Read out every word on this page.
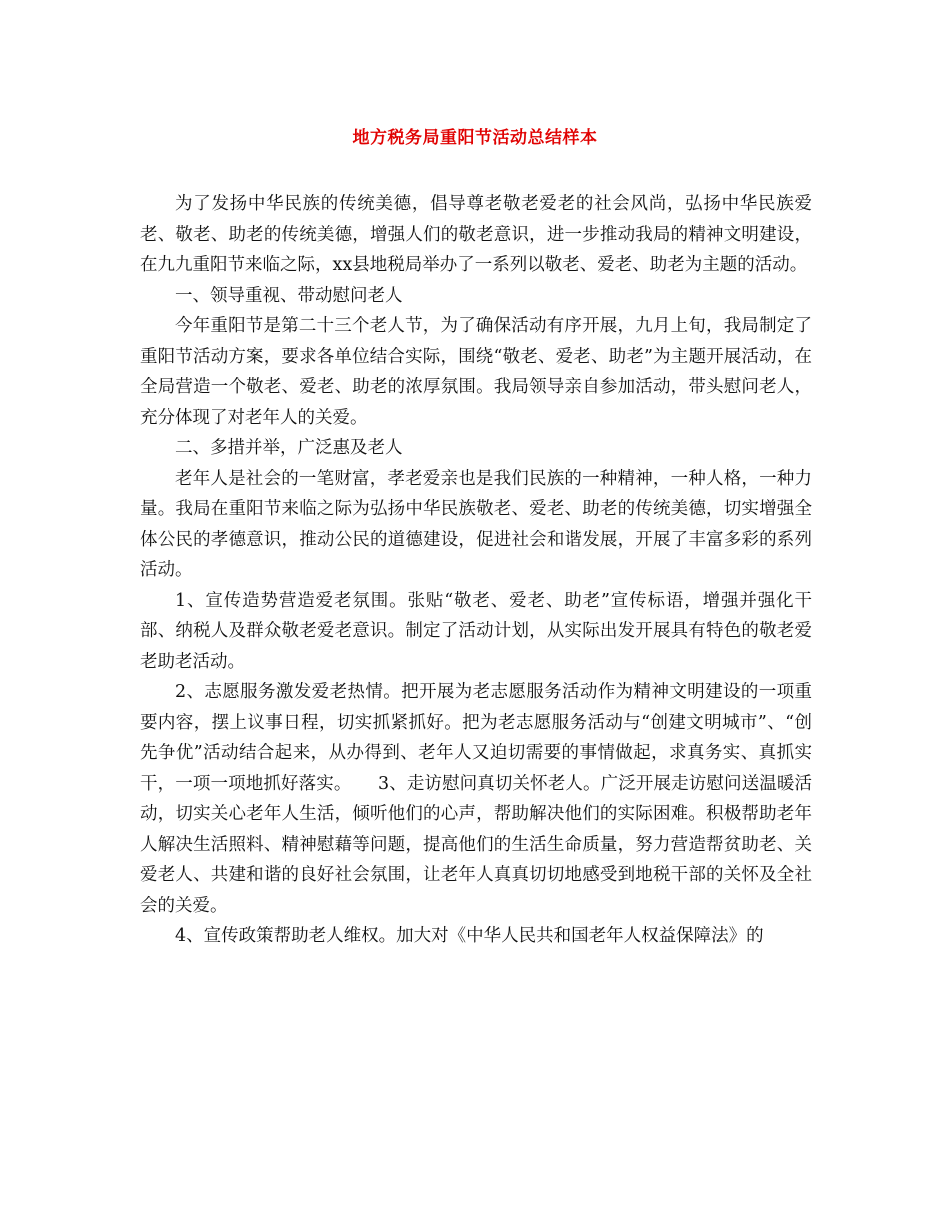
地方税务局重阳节活动总结样本

为了发扬中华民族的传统美德，倡导尊老敬老爱老的社会风尚，弘扬中华民族爱老、敬老、助老的传统美德，增强人们的敬老意识，进一步推动我局的精神文明建设，在九九重阳节来临之际，xx县地税局举办了一系列以敬老、爱老、助老为主题的活动。

一、领导重视、带动慰问老人

今年重阳节是第二十三个老人节，为了确保活动有序开展，九月上旬，我局制定了重阳节活动方案，要求各单位结合实际，围绕“敬老、爱老、助老”为主题开展活动，在全局营造一个敬老、爱老、助老的浓厚氛围。我局领导亲自参加活动，带头慰问老人，充分体现了对老年人的关爱。

二、多措并举，广泛惠及老人

老年人是社会的一笔财富，孝老爱亲也是我们民族的一种精神，一种人格，一种力量。我局在重阳节来临之际为弘扬中华民族敬老、爱老、助老的传统美德，切实增强全体公民的孝德意识，推动公民的道德建设，促进社会和谐发展，开展了丰富多彩的系列活动。

1、宣传造势营造爱老氛围。张贴“敬老、爱老、助老”宣传标语，增强并强化干部、纳税人及群众敬老爱老意识。制定了活动计划，从实际出发开展具有特色的敬老爱老助老活动。

2、志愿服务激发爱老热情。把开展为老志愿服务活动作为精神文明建设的一项重要内容，摆上议事日程，切实抓紧抓好。把为老志愿服务活动与“创建文明城市”、“创先争优”活动结合起来，从办得到、老年人又迫切需要的事情做起，求真务实、真抓实干，一项一项地抓好落实。　　3、走访慰问真切关怀老人。广泛开展走访慰问送温暖活动，切实关心老年人生活，倾听他们的心声，帮助解决他们的实际困难。积极帮助老年人解决生活照料、精神慰藉等问题，提高他们的生活生命质量，努力营造帮贫助老、关爱老人、共建和谐的良好社会氛围，让老年人真真切切地感受到地税干部的关怀及全社会的关爱。

4、宣传政策帮助老人维权。加大对《中华人民共和国老年人权益保障法》的
